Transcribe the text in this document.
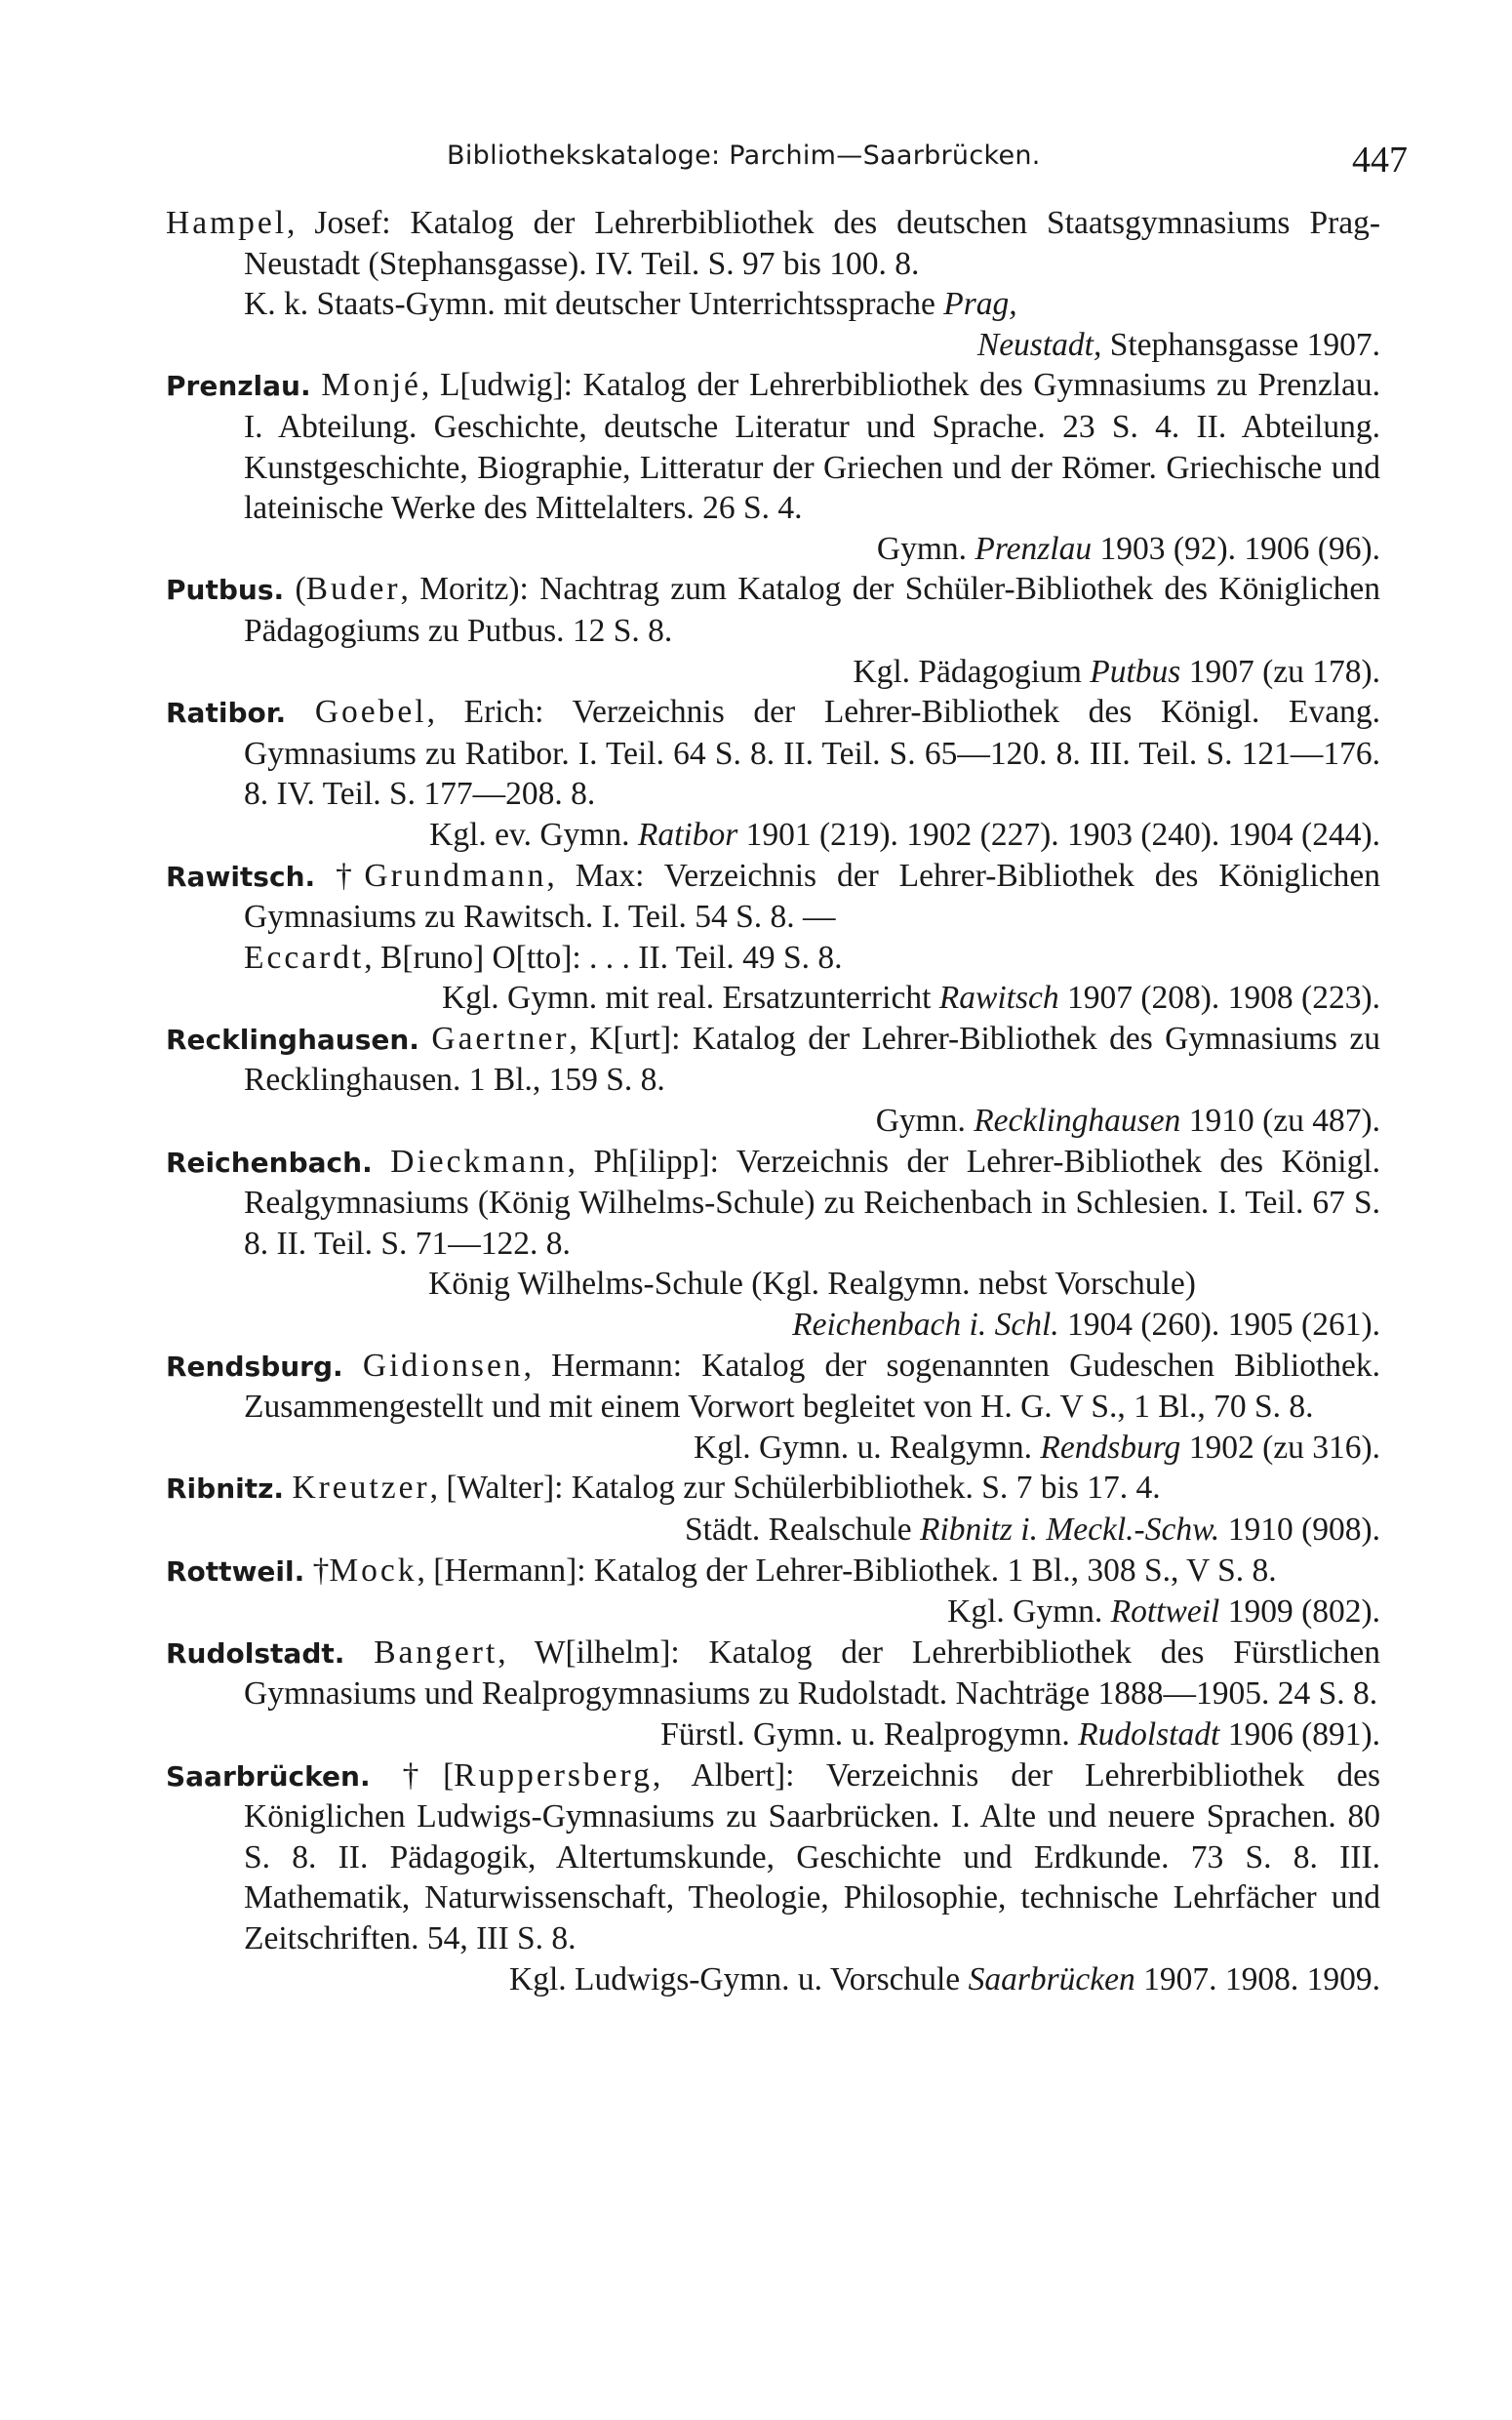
Bibliothekskataloge: Parchim—Saarbrücken.	447

Hampel, Josef: Katalog der Lehrerbibliothek des deutschen Staatsgymnasiums Prag-Neustadt (Stephansgasse). IV. Teil. S. 97 bis 100. 8.

K. k. Staats-Gymn. mit deutscher Unterrichtssprache Prag,

Neustadt, Stephansgasse 1907.

Prenzlau. Monjé, L[udwig]: Katalog der Lehrerbibliothek des Gymnasiums zu Prenzlau. I. Abteilung. Geschichte, deutsche Literatur und Sprache. 23 S. 4. II. Abteilung. Kunstgeschichte, Biographie, Litteratur der Griechen und der Römer. Griechische und lateinische Werke des Mittelalters. 26 S. 4.

Gymn. Prenzlau 1903 (92). 1906 (96).

Putbus. (Buder, Moritz): Nachtrag zum Katalog der Schüler-Bibliothek des Königlichen Pädagogiums zu Putbus. 12 S. 8.

Kgl. Pädagogium Putbus 1907 (zu 178).

Ratibor. Goebel, Erich: Verzeichnis der Lehrer-Bibliothek des Königl. Evang. Gymnasiums zu Ratibor. I. Teil. 64 S. 8. II. Teil. S. 65—120. 8. III. Teil. S. 121—176. 8. IV. Teil. S. 177—208. 8.

Kgl. ev. Gymn. Ratibor 1901 (219). 1902 (227). 1903 (240). 1904 (244).

Rawitsch. †Grundmann, Max: Verzeichnis der Lehrer-Bibliothek des Königlichen Gymnasiums zu Rawitsch. I. Teil. 54 S. 8. —

Eccardt, B[runo] O[tto]: . . . II. Teil. 49 S. 8.

Kgl. Gymn. mit real. Ersatzunterricht Rawitsch 1907 (208). 1908 (223).

Recklinghausen. Gaertner, K[urt]: Katalog der Lehrer-Bibliothek des Gymnasiums zu Recklinghausen. 1 Bl., 159 S. 8.

Gymn. Recklinghausen 1910 (zu 487).

Reichenbach. Dieckmann, Ph[ilipp]: Verzeichnis der Lehrer-Bibliothek des Königl. Realgymnasiums (König Wilhelms-Schule) zu Reichenbach in Schlesien. I. Teil. 67 S. 8. II. Teil. S. 71—122. 8.

König Wilhelms-Schule (Kgl. Realgymn. nebst Vorschule)

Reichenbach i. Schl. 1904 (260). 1905 (261).

Rendsburg. Gidionsen, Hermann: Katalog der sogenannten Gudeschen Bibliothek. Zusammengestellt und mit einem Vorwort begleitet von H. G. V S., 1 Bl., 70 S. 8.

Kgl. Gymn. u. Realgymn. Rendsburg 1902 (zu 316).

Ribnitz. Kreutzer, [Walter]: Katalog zur Schülerbibliothek. S. 7 bis 17. 4.

Städt. Realschule Ribnitz i. Meckl.-Schw. 1910 (908).

Rottweil. †Mock, [Hermann]: Katalog der Lehrer-Bibliothek. 1 Bl., 308 S., V S. 8.

Kgl. Gymn. Rottweil 1909 (802).

Rudolstadt. Bangert, W[ilhelm]: Katalog der Lehrerbibliothek des Fürstlichen Gymnasiums und Realprogymnasiums zu Rudolstadt. Nachträge 1888—1905. 24 S. 8.

Fürstl. Gymn. u. Realprogymn. Rudolstadt 1906 (891).

Saarbrücken. †[Ruppersberg, Albert]: Verzeichnis der Lehrerbibliothek des Königlichen Ludwigs-Gymnasiums zu Saarbrücken. I. Alte und neuere Sprachen. 80 S. 8. II. Pädagogik, Altertumskunde, Geschichte und Erdkunde. 73 S. 8. III. Mathematik, Naturwissenschaft, Theologie, Philosophie, technische Lehrfächer und Zeitschriften. 54, III S. 8.

Kgl. Ludwigs-Gymn. u. Vorschule Saarbrücken 1907. 1908. 1909.
